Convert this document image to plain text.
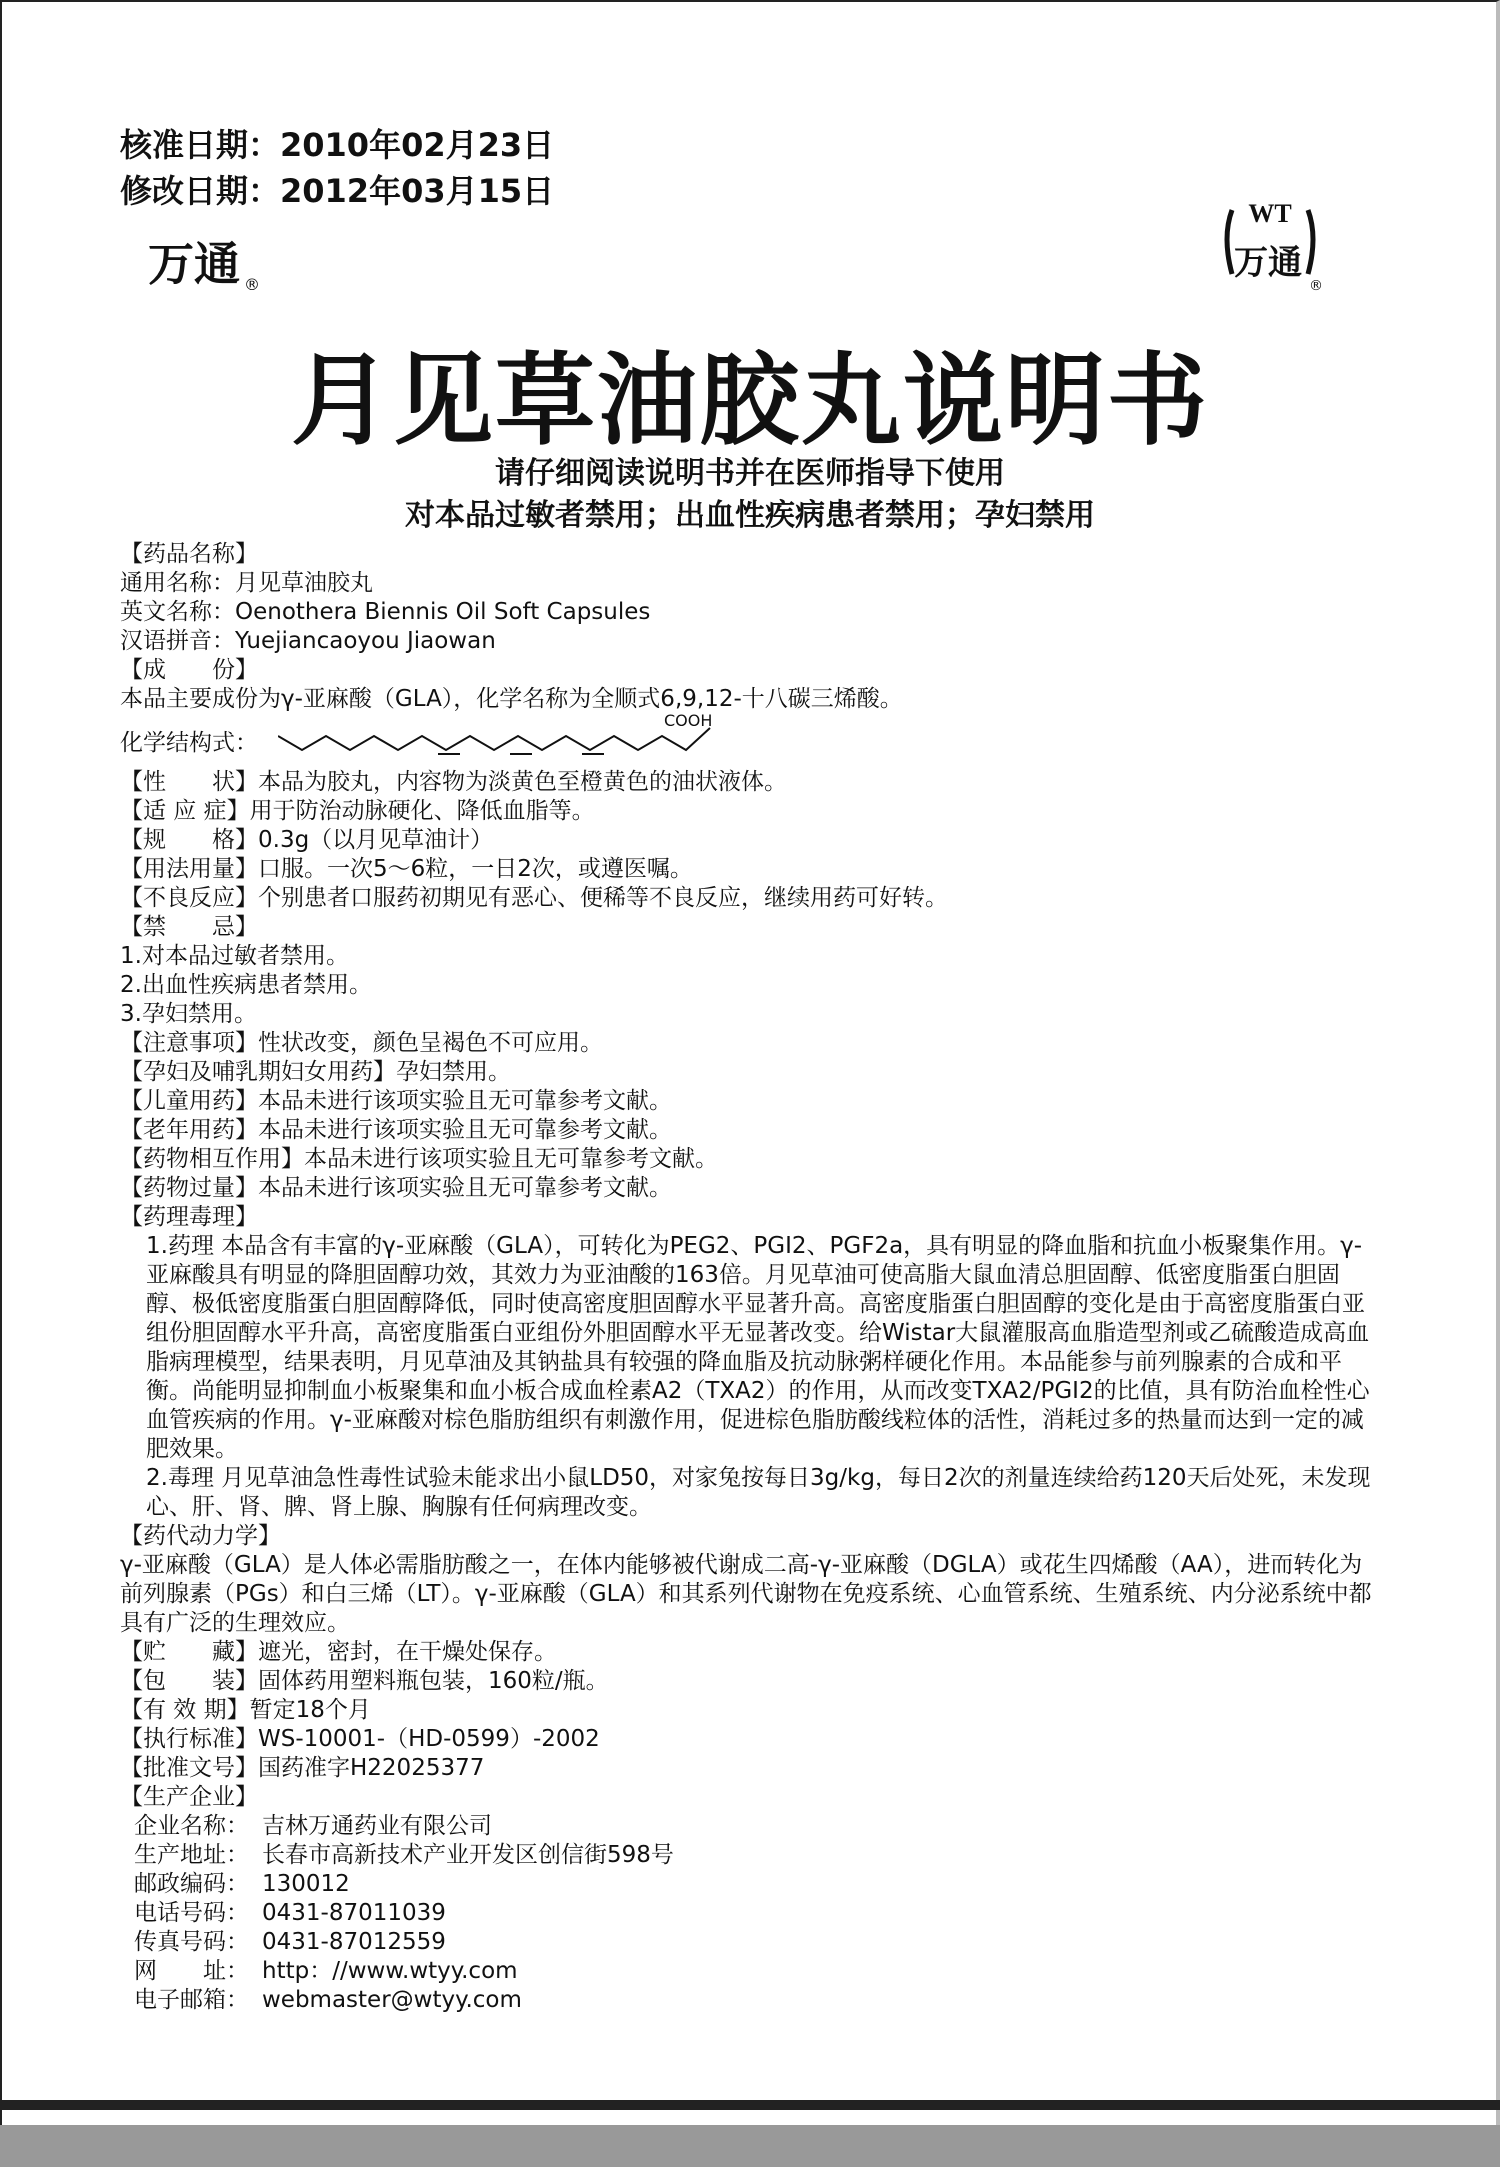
核准日期：2010年02月23日
修改日期：2012年03月15日
万通 ®
WT
万通
®
月见草油胶丸说明书
请仔细阅读说明书并在医师指导下使用
对本品过敏者禁用；出血性疾病患者禁用；孕妇禁用
【药品名称】
通用名称：月见草油胶丸
英文名称：Oenothera Biennis Oil Soft Capsules
汉语拼音：Yuejiancaoyou Jiaowan
【成　　份】
本品主要成份为γ-亚麻酸（GLA），化学名称为全顺式6,9,12-十八碳三烯酸。
化学结构式：
COOH
【性　　状】本品为胶丸，内容物为淡黄色至橙黄色的油状液体。
【适 应 症】用于防治动脉硬化、降低血脂等。
【规　　格】0.3g（以月见草油计）
【用法用量】口服。一次5～6粒，一日2次，或遵医嘱。
【不良反应】个别患者口服药初期见有恶心、便稀等不良反应，继续用药可好转。
【禁　　忌】
1.对本品过敏者禁用。
2.出血性疾病患者禁用。
3.孕妇禁用。
【注意事项】性状改变，颜色呈褐色不可应用。
【孕妇及哺乳期妇女用药】孕妇禁用。
【儿童用药】本品未进行该项实验且无可靠参考文献。
【老年用药】本品未进行该项实验且无可靠参考文献。
【药物相互作用】本品未进行该项实验且无可靠参考文献。
【药物过量】本品未进行该项实验且无可靠参考文献。
【药理毒理】
1.药理 本品含有丰富的γ-亚麻酸（GLA），可转化为PEG2、PGI2、PGF2a，具有明显的降血脂和抗血小板聚集作用。γ-亚麻酸具有明显的降胆固醇功效，其效力为亚油酸的163倍。月见草油可使高脂大鼠血清总胆固醇、低密度脂蛋白胆固醇、极低密度脂蛋白胆固醇降低，同时使高密度胆固醇水平显著升高。高密度脂蛋白胆固醇的变化是由于高密度脂蛋白亚组份胆固醇水平升高，高密度脂蛋白亚组份外胆固醇水平无显著改变。给Wistar大鼠灌服高血脂造型剂或乙硫酸造成高血脂病理模型，结果表明，月见草油及其钠盐具有较强的降血脂及抗动脉粥样硬化作用。本品能参与前列腺素的合成和平衡。尚能明显抑制血小板聚集和血小板合成血栓素A2（TXA2）的作用，从而改变TXA2/PGI2的比值，具有防治血栓性心血管疾病的作用。γ-亚麻酸对棕色脂肪组织有刺激作用，促进棕色脂肪酸线粒体的活性，消耗过多的热量而达到一定的减肥效果。
2.毒理 月见草油急性毒性试验未能求出小鼠LD50，对家兔按每日3g/kg，每日2次的剂量连续给药120天后处死，未发现心、肝、肾、脾、肾上腺、胸腺有任何病理改变。
【药代动力学】
γ-亚麻酸（GLA）是人体必需脂肪酸之一，在体内能够被代谢成二高-γ-亚麻酸（DGLA）或花生四烯酸（AA），进而转化为前列腺素（PGs）和白三烯（LT）。γ-亚麻酸（GLA）和其系列代谢物在免疫系统、心血管系统、生殖系统、内分泌系统中都具有广泛的生理效应。
【贮　　藏】遮光，密封，在干燥处保存。
【包　　装】固体药用塑料瓶包装，160粒/瓶。
【有 效 期】暂定18个月
【执行标准】WS-10001-（HD-0599）-2002
【批准文号】国药准字H22025377
【生产企业】
企业名称： 吉林万通药业有限公司
生产地址： 长春市高新技术产业开发区创信街598号
邮政编码： 130012
电话号码： 0431-87011039
传真号码： 0431-87012559
网　　址： http：//www.wtyy.com
电子邮箱： webmaster@wtyy.com
